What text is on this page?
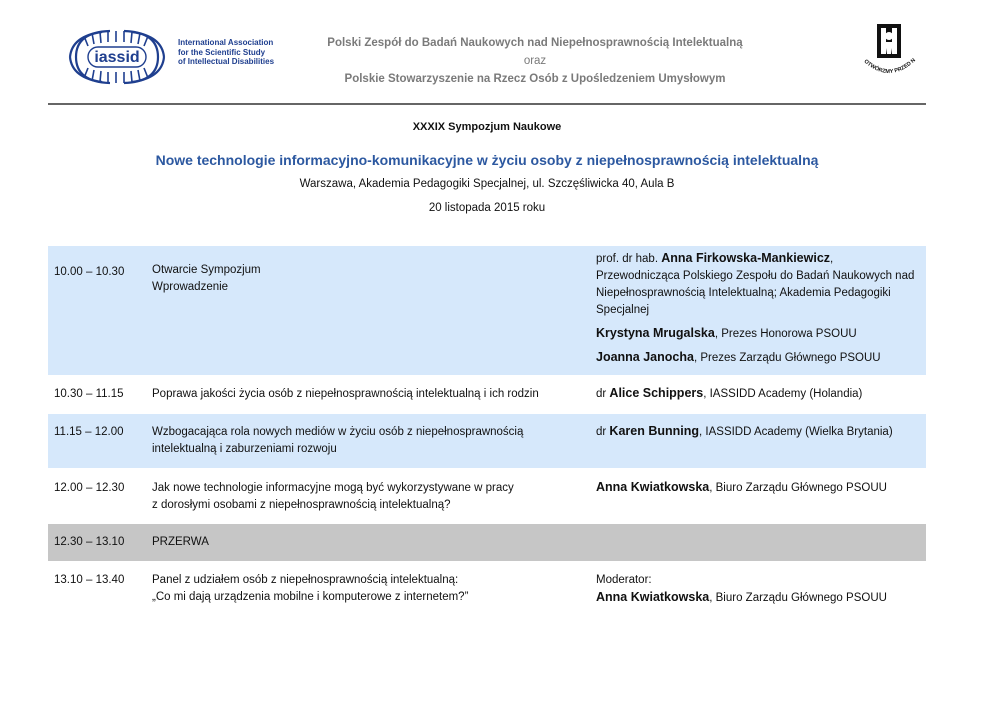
iassid
International Association
for the Scientific Study
of Intellectual Disabilities
Polski Zespół do Badań Naukowych nad Niepełnosprawnością Intelektualną
oraz
Polskie Stowarzyszenie na Rzecz Osób z Upośledzeniem Umysłowym
OTWÓRZMY PRZED N
XXXIX Sympozjum Naukowe
Nowe technologie informacyjno-komunikacyjne w życiu osoby z niepełnosprawnością intelektualną
Warszawa, Akademia Pedagogiki Specjalnej, ul. Szczęśliwicka 40, Aula B
20 listopada 2015 roku
10.00 – 10.30 Otwarcie Sympozjum
Wprowadzenie
prof. dr hab. Anna Firkowska-Mankiewicz,
Przewodnicząca Polskiego Zespołu do Badań Naukowych nad Niepełnosprawnością Intelektualną; Akademia Pedagogiki Specjalnej
Krystyna Mrugalska, Prezes Honorowa PSOUU
Joanna Janocha, Prezes Zarządu Głównego PSOUU
10.30 – 11.15 Poprawa jakości życia osób z niepełnosprawnością intelektualną i ich rodzin	dr Alice Schippers, IASSIDD Academy (Holandia)
11.15 – 12.00 Wzbogacająca rola nowych mediów w życiu osób z niepełnosprawnością
intelektualną i zaburzeniami rozwoju
dr Karen Bunning, IASSIDD Academy (Wielka Brytania)
12.00 – 12.30 Jak nowe technologie informacyjne mogą być wykorzystywane w pracy
z dorosłymi osobami z niepełnosprawnością intelektualną?
Anna Kwiatkowska, Biuro Zarządu Głównego PSOUU
12.30 – 13.10 PRZERWA
13.10 – 13.40 Panel z udziałem osób z niepełnosprawnością intelektualną:
„Co mi dają urządzenia mobilne i komputerowe z internetem?”
Moderator:
Anna Kwiatkowska, Biuro Zarządu Głównego PSOUU
